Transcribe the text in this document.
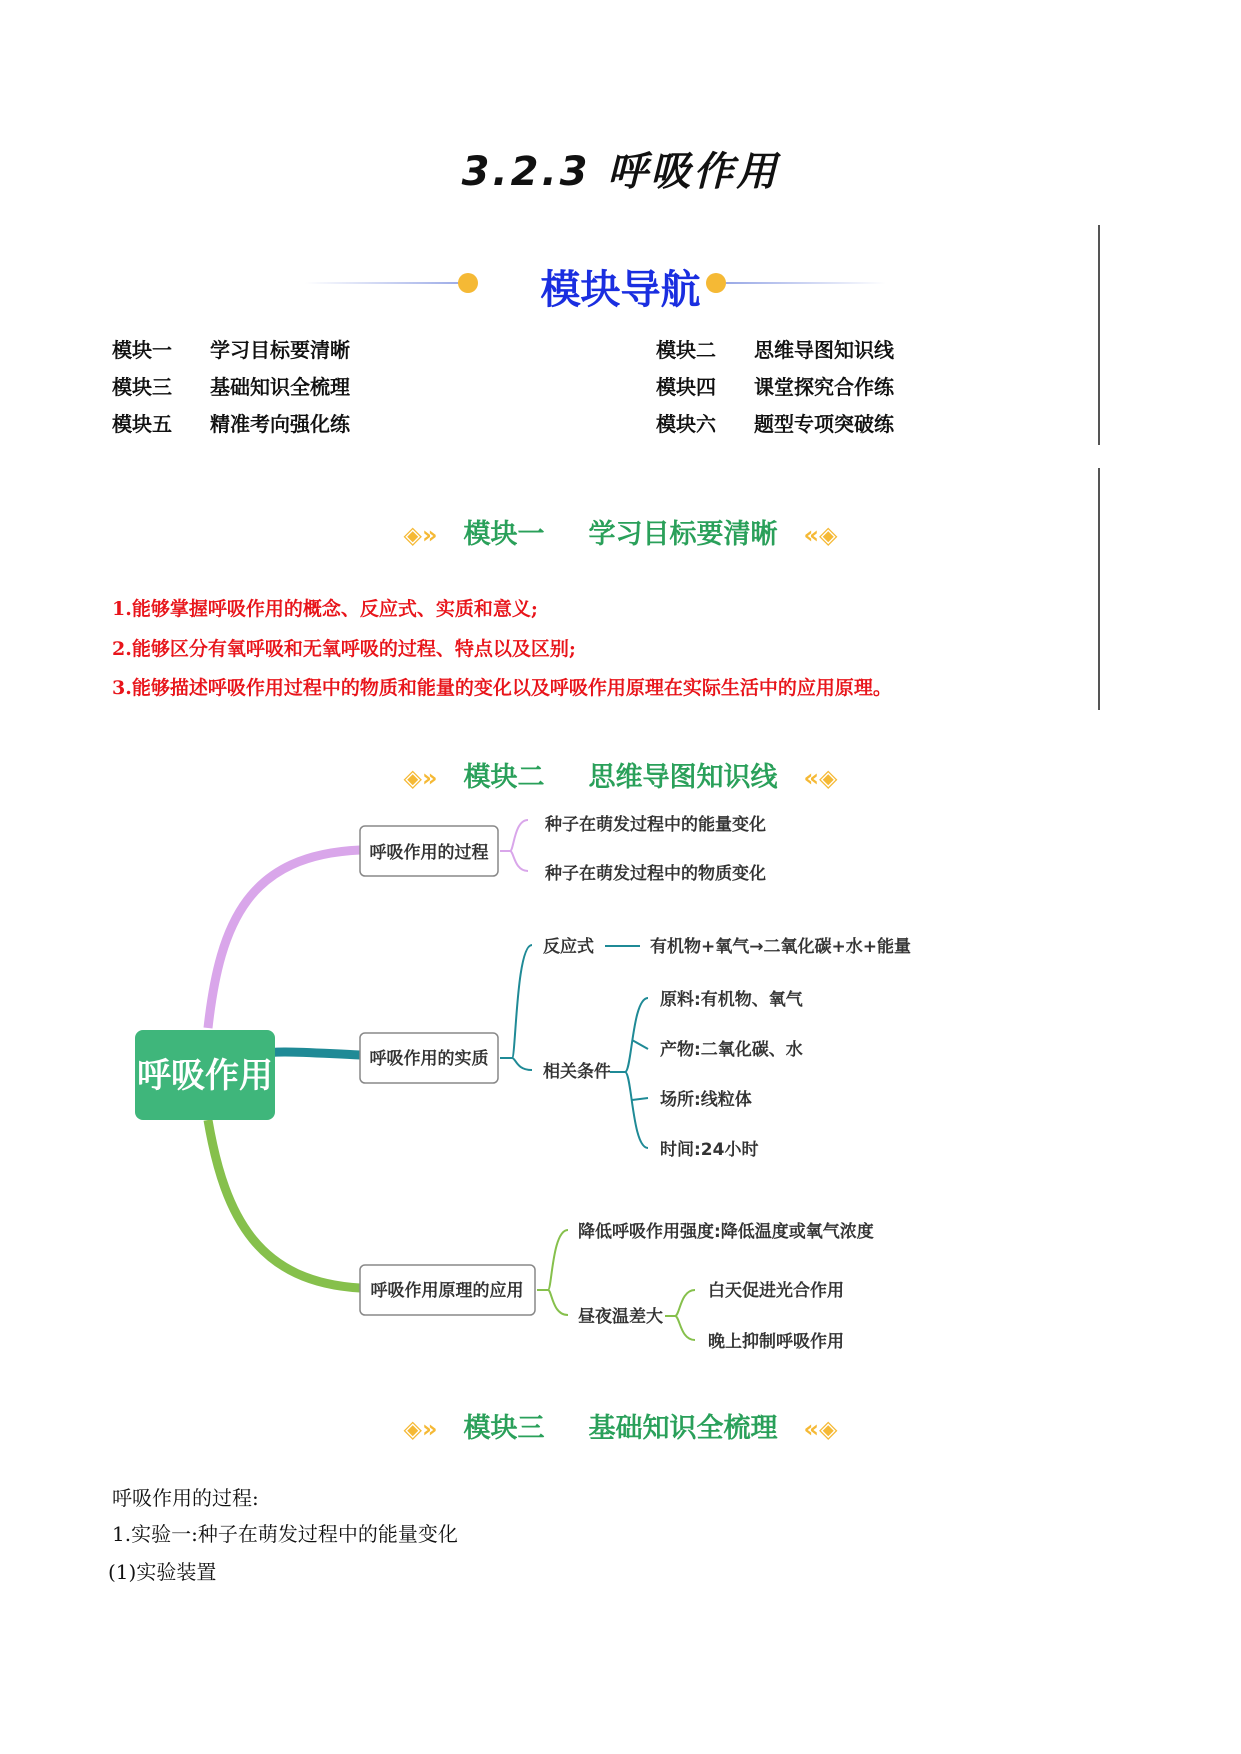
3.2.3 呼吸作用
模块导航
模块一 学习目标要清晰	模块二 思维导图知识线
模块三 基础知识全梳理	模块四 课堂探究合作练
模块五 精准考向强化练	模块六 题型专项突破练
◈» 模块一 学习目标要清晰 «◈
1.能够掌握呼吸作用的概念、反应式、实质和意义;
2.能够区分有氧呼吸和无氧呼吸的过程、特点以及区别;
3.能够描述呼吸作用过程中的物质和能量的变化以及呼吸作用原理在实际生活中的应用原理。
◈» 模块二 思维导图知识线 «◈
呼吸作用
呼吸作用的过程
种子在萌发过程中的能量变化
种子在萌发过程中的物质变化
呼吸作用的实质
反应式	有机物+氧气→二氧化碳+水+能量
相关条件
原料:有机物、氧气
产物:二氧化碳、水
场所:线粒体
时间:24小时
呼吸作用原理的应用
降低呼吸作用强度:降低温度或氧气浓度
昼夜温差大
白天促进光合作用
晚上抑制呼吸作用
◈» 模块三 基础知识全梳理 «◈
呼吸作用的过程:
1.实验一:种子在萌发过程中的能量变化
(1)实验装置
